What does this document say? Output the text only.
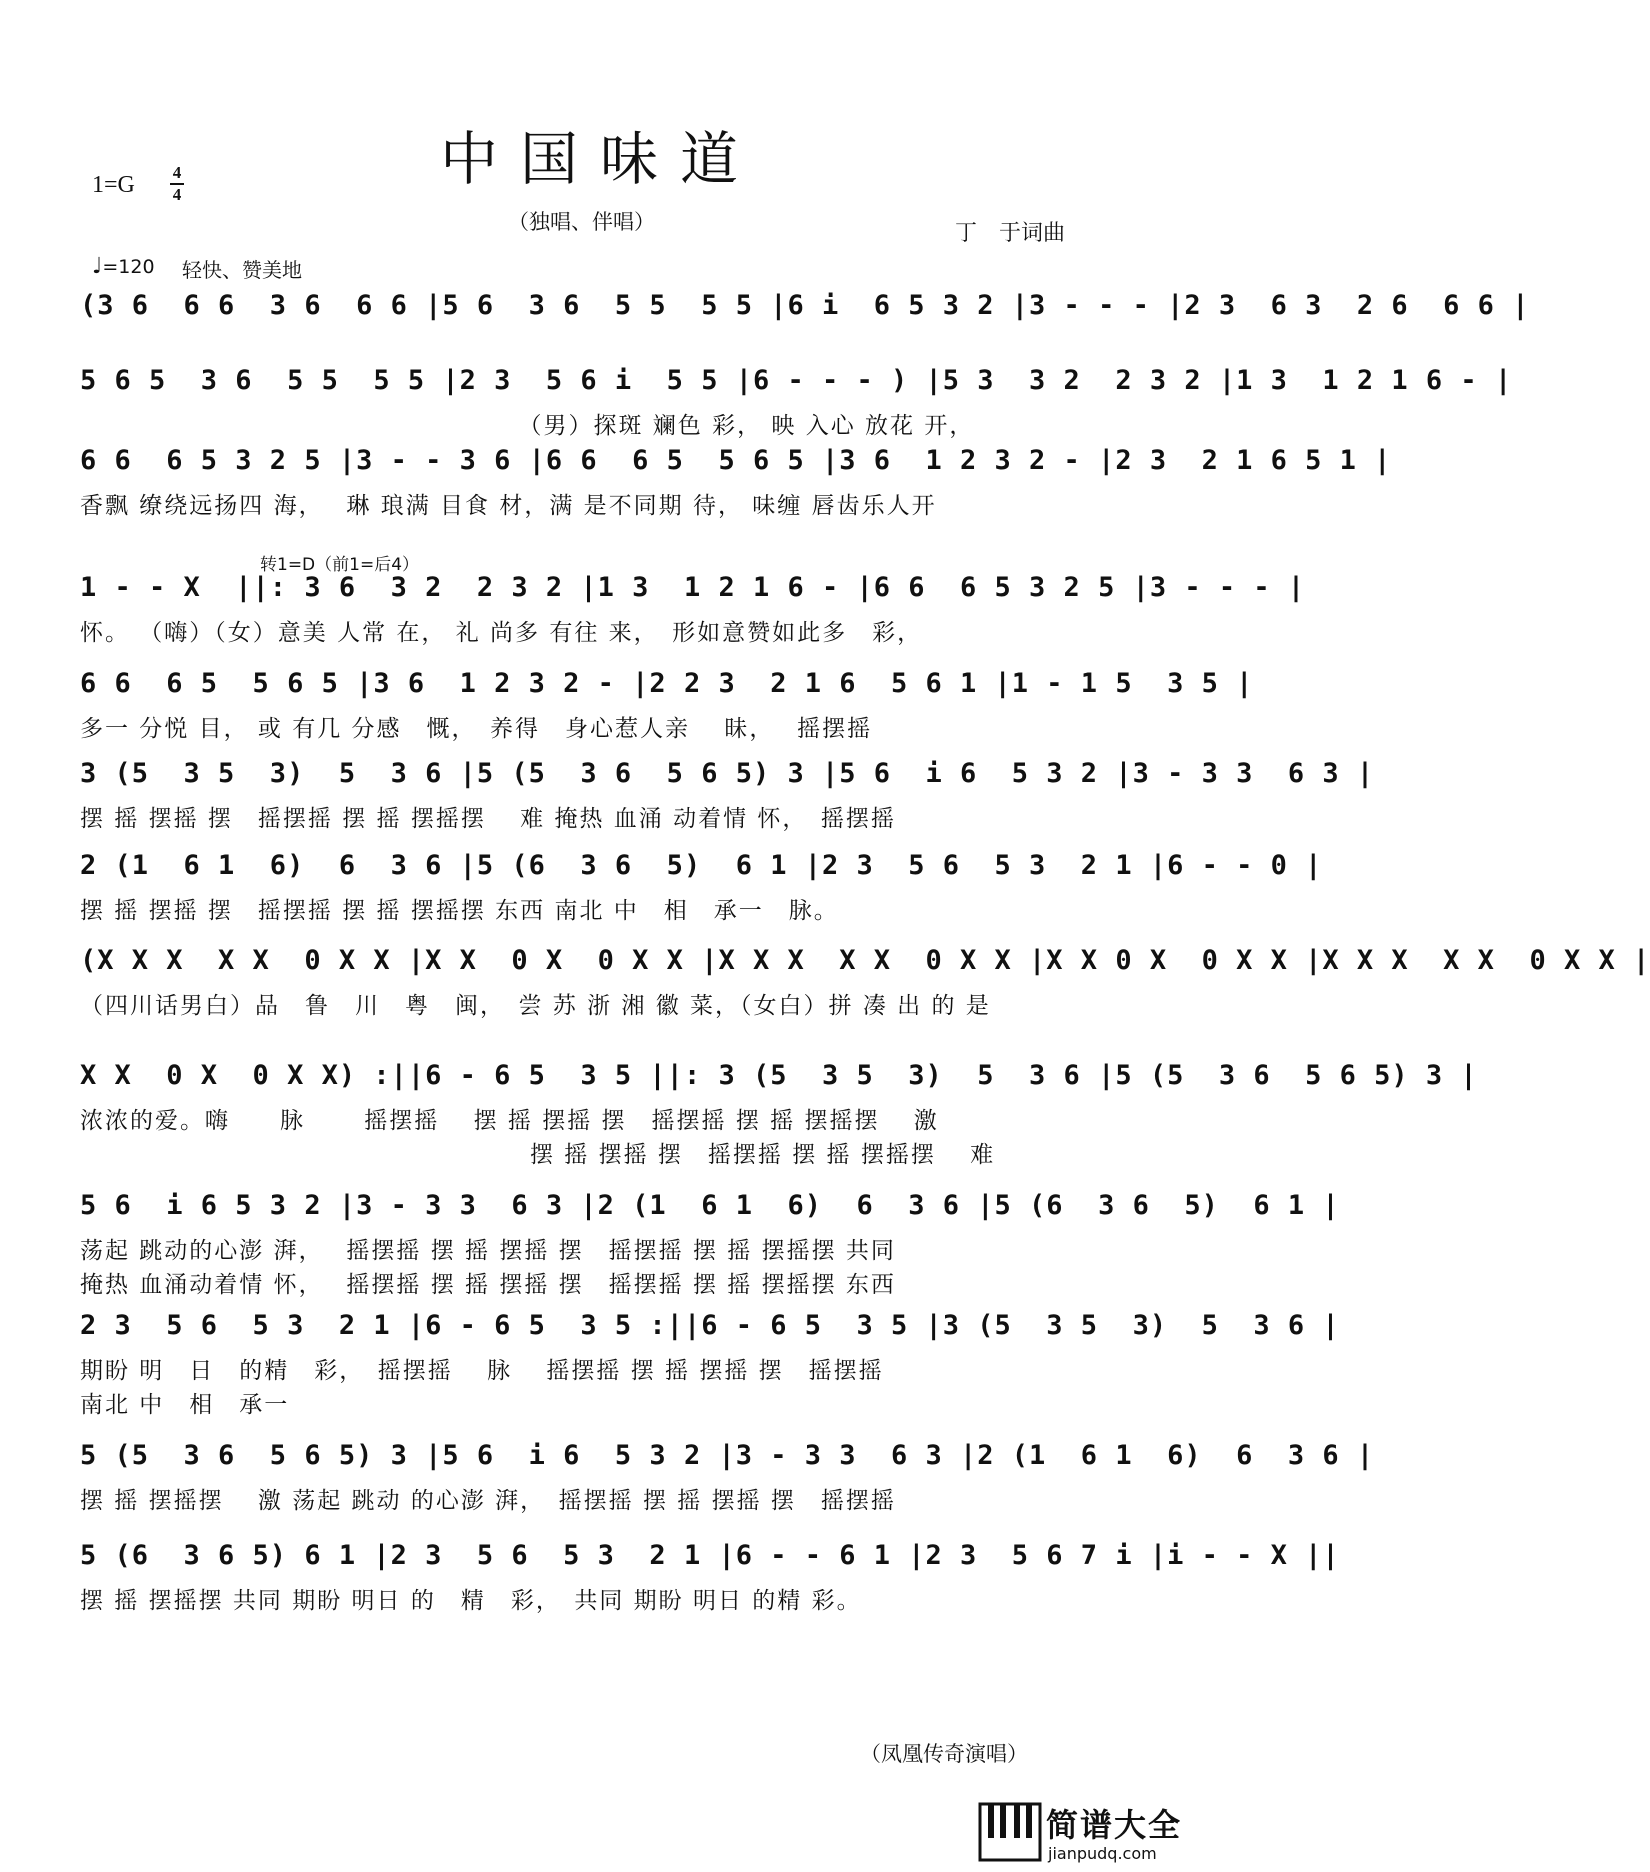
中国味道
1=G 4
4
（独唱、伴唱）	丁　于词曲
♩=120 轻快、赞美地
(3 6  6 6  3 6  6 6 |5 6  3 6  5 5  5 5 |6 i  6 5 3 2 |3 - - - |2 3  6 3  2 6  6 6 |
5 6 5  3 6  5 5  5 5 |2 3  5 6 i  5 5 |6 - - - ) |5 3  3 2  2 3 2 |1 3  1 2 1 6 - |
　　　　　　　　　　　　　　　　　　（男）探斑 斓色 彩， 映 入心 放花 开，
6 6  6 5 3 2 5 |3 - - 3 6 |6 6  6 5  5 6 5 |3 6  1 2 3 2 - |2 3  2 1 6 5 1 |
香飘 缭绕远扬四 海，　 琳 琅满 目食 材，满 是不同期 待， 味缠 唇齿乐人开
1 - - X  ||: 3 6  3 2  2 3 2 |1 3  1 2 1 6 - |6 6  6 5 3 2 5 |3 - - - |
怀。 （嗨）（女）意美 人常 在， 礼 尚多 有往 来，　形如意赞如此多　彩，
6 6  6 5  5 6 5 |3 6  1 2 3 2 - |2 2 3  2 1 6  5 6 1 |1 - 1 5  3 5 |
多一 分悦 目， 或 有几 分感　慨，　养得　身心惹人亲　 昧，　 摇摆摇
3 (5  3 5  3)  5  3 6 |5 (5  3 6  5 6 5) 3 |5 6  i 6  5 3 2 |3 - 3 3  6 3 |
摆 摇 摆摇 摆　摇摆摇 摆 摇 摆摇摆　 难 掩热 血涌 动着情 怀，　摇摆摇
2 (1  6 1  6)  6  3 6 |5 (6  3 6  5)  6 1 |2 3  5 6  5 3  2 1 |6 - - 0 |
摆 摇 摆摇 摆　摇摆摇 摆 摇 摆摇摆 东西 南北 中　相　承一　脉。
(X X X  X X  0 X X |X X  0 X  0 X X |X X X  X X  0 X X |X X 0 X  0 X X |X X X  X X  0 X X |
（四川话男白）品　鲁　川　粤　闽，　尝 苏 浙 湘 徽 菜，（女白）拼 凑 出 的 是
X X  0 X  0 X X) :||6 - 6 5  3 5 ||: 3 (5  3 5  3)  5  3 6 |5 (5  3 6  5 6 5) 3 |
浓浓的爱。嗨　　脉　　 摇摆摇　 摆 摇 摆摇 摆　摇摆摇 摆 摇 摆摇摆　 激
　　　　　　　　　　　　　　　　　　摆 摇 摆摇 摆　摇摆摇 摆 摇 摆摇摆　 难
5 6  i 6 5 3 2 |3 - 3 3  6 3 |2 (1  6 1  6)  6  3 6 |5 (6  3 6  5)  6 1 |
荡起 跳动的心澎 湃，　 摇摆摇 摆 摇 摆摇 摆　摇摆摇 摆 摇 摆摇摆 共同
掩热 血涌动着情 怀，　 摇摆摇 摆 摇 摆摇 摆　摇摆摇 摆 摇 摆摇摆 东西
2 3  5 6  5 3  2 1 |6 - 6 5  3 5 :||6 - 6 5  3 5 |3 (5  3 5  3)  5  3 6 |
期盼 明　日　的精　彩，　摇摆摇　 脉　 摇摆摇 摆 摇 摆摇 摆　摇摆摇
南北 中　相　承一
5 (5  3 6  5 6 5) 3 |5 6  i 6  5 3 2 |3 - 3 3  6 3 |2 (1  6 1  6)  6  3 6 |
摆 摇 摆摇摆　 激 荡起 跳动 的心澎 湃，　摇摆摇 摆 摇 摆摇 摆　摇摆摇
5 (6  3 6 5) 6 1 |2 3  5 6  5 3  2 1 |6 - - 6 1 |2 3  5 6 7 i |i - - X ||
摆 摇 摆摇摆 共同 期盼 明日 的　精　彩，　共同 期盼 明日 的精 彩。
转1=D（前1=后4）
（凤凰传奇演唱）
简谱大全
jianpudq.com
